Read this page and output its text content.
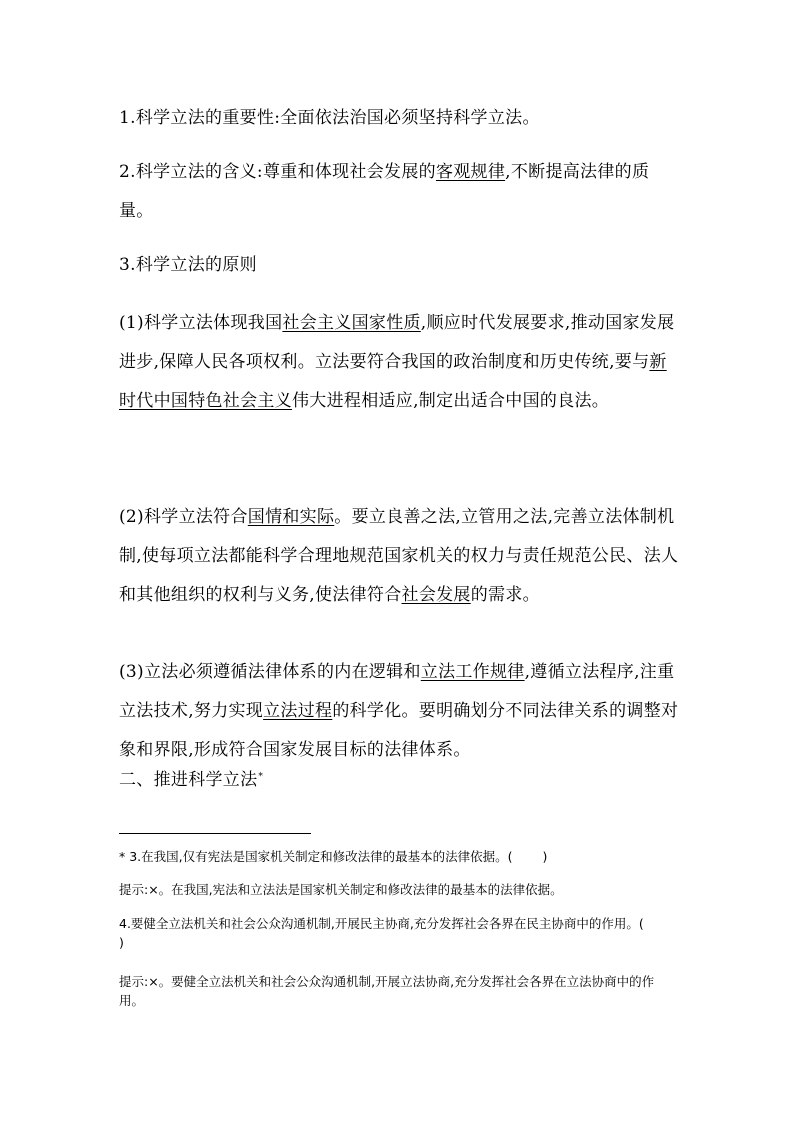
1.科学立法的重要性:全面依法治国必须坚持科学立法。

2.科学立法的含义:尊重和体现社会发展的客观规律,不断提高法律的质量。

3.科学立法的原则

(1)科学立法体现我国社会主义国家性质,顺应时代发展要求,推动国家发展进步,保障人民各项权利。立法要符合我国的政治制度和历史传统,要与新时代中国特色社会主义伟大进程相适应,制定出适合中国的良法。

(2)科学立法符合国情和实际。要立良善之法,立管用之法,完善立法体制机制,使每项立法都能科学合理地规范国家机关的权力与责任规范公民、法人和其他组织的权利与义务,使法律符合社会发展的需求。

(3)立法必须遵循法律体系的内在逻辑和立法工作规律,遵循立法程序,注重立法技术,努力实现立法过程的科学化。要明确划分不同法律关系的调整对象和界限,形成符合国家发展目标的法律体系。

二、推进科学立法*

* 3.在我国,仅有宪法是国家机关制定和修改法律的最基本的法律依据。( )

提示:×。在我国,宪法和立法法是国家机关制定和修改法律的最基本的法律依据。

4.要健全立法机关和社会公众沟通机制,开展民主协商,充分发挥社会各界在民主协商中的作用。()

提示:×。要健全立法机关和社会公众沟通机制,开展立法协商,充分发挥社会各界在立法协商中的作用。
